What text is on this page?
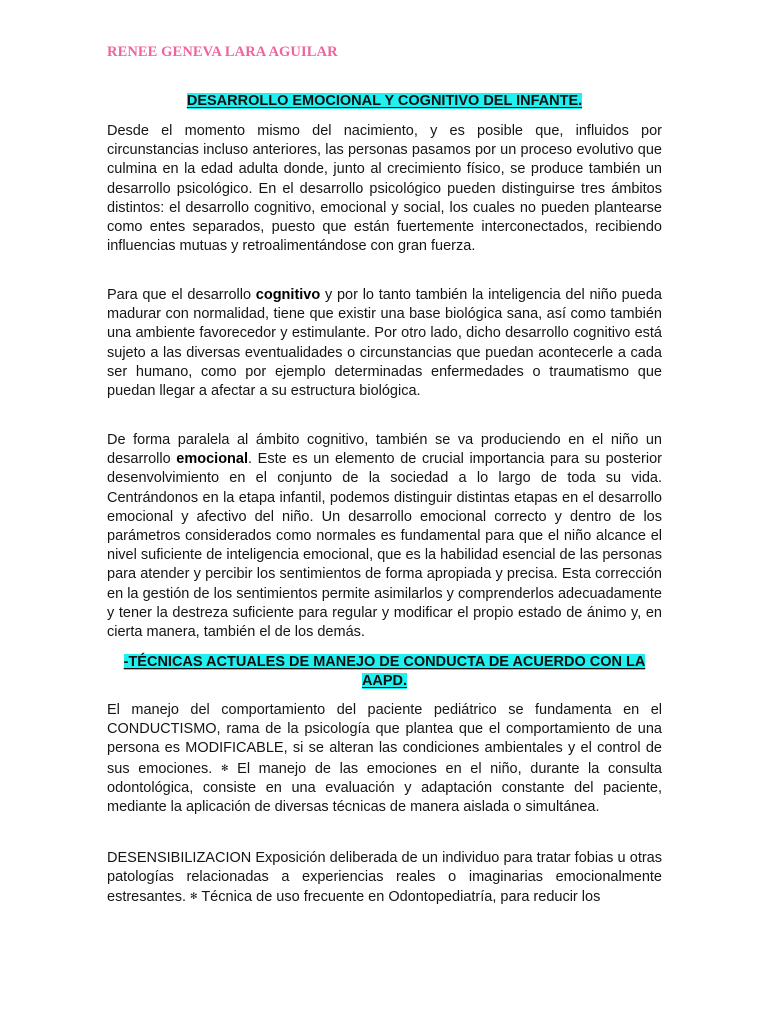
RENEE GENEVA LARA AGUILAR
DESARROLLO EMOCIONAL Y COGNITIVO DEL INFANTE.

Desde el momento mismo del nacimiento, y es posible que, influidos por circunstancias incluso anteriores, las personas pasamos por un proceso evolutivo que culmina en la edad adulta donde, junto al crecimiento físico, se produce también un desarrollo psicológico. En el desarrollo psicológico pueden distinguirse tres ámbitos distintos: el desarrollo cognitivo, emocional y social, los cuales no pueden plantearse como entes separados, puesto que están fuertemente interconectados, recibiendo influencias mutuas y retroalimentándose con gran fuerza.

Para que el desarrollo cognitivo y por lo tanto también la inteligencia del niño pueda madurar con normalidad, tiene que existir una base biológica sana, así como también una ambiente favorecedor y estimulante. Por otro lado, dicho desarrollo cognitivo está sujeto a las diversas eventualidades o circunstancias que puedan acontecerle a cada ser humano, como por ejemplo determinadas enfermedades o traumatismo que puedan llegar a afectar a su estructura biológica.

De forma paralela al ámbito cognitivo, también se va produciendo en el niño un desarrollo emocional. Este es un elemento de crucial importancia para su posterior desenvolvimiento en el conjunto de la sociedad a lo largo de toda su vida. Centrándonos en la etapa infantil, podemos distinguir distintas etapas en el desarrollo emocional y afectivo del niño. Un desarrollo emocional correcto y dentro de los parámetros considerados como normales es fundamental para que el niño alcance el nivel suficiente de inteligencia emocional, que es la habilidad esencial de las personas para atender y percibir los sentimientos de forma apropiada y precisa. Esta corrección en la gestión de los sentimientos permite asimilarlos y comprenderlos adecuadamente y tener la destreza suficiente para regular y modificar el propio estado de ánimo y, en cierta manera, también el de los demás.

-TÉCNICAS ACTUALES DE MANEJO DE CONDUCTA DE ACUERDO CON LA
AAPD.

El manejo del comportamiento del paciente pediátrico se fundamenta en el CONDUCTISMO, rama de la psicología que plantea que el comportamiento de una persona es MODIFICABLE, si se alteran las condiciones ambientales y el control de sus emociones. ✻ El manejo de las emociones en el niño, durante la consulta odontológica, consiste en una evaluación y adaptación constante del paciente, mediante la aplicación de diversas técnicas de manera aislada o simultánea.

DESENSIBILIZACION Exposición deliberada de un individuo para tratar fobias u otras patologías relacionadas a experiencias reales o imaginarias emocionalmente estresantes. ✻ Técnica de uso frecuente en Odontopediatría, para reducir los
